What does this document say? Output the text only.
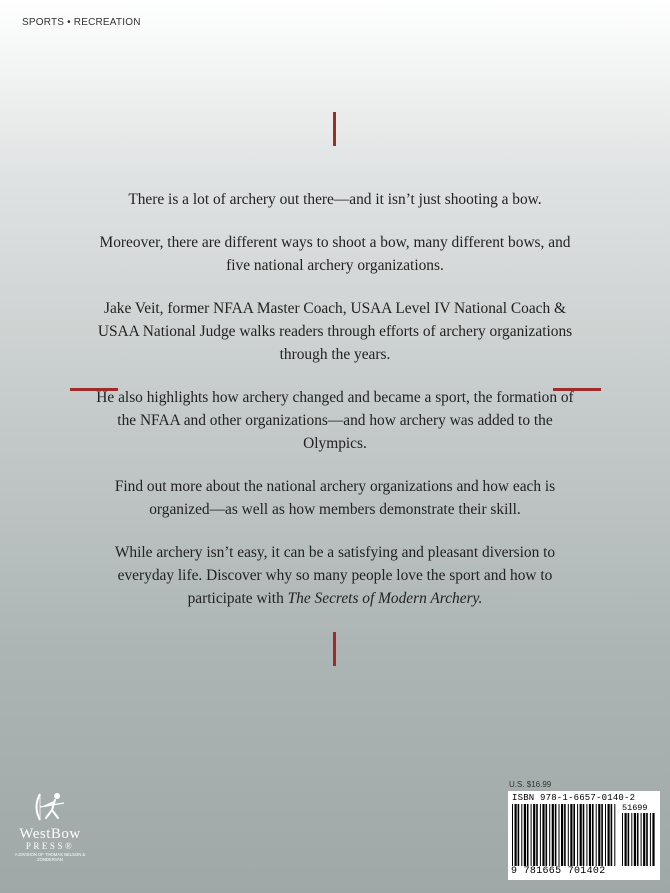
SPORTS • RECREATION

There is a lot of archery out there—and it isn’t just shooting a bow.

Moreover, there are different ways to shoot a bow, many different bows, and five national archery organizations.

Jake Veit, former NFAA Master Coach, USAA Level IV National Coach & USAA National Judge walks readers through efforts of archery organizations through the years.

He also highlights how archery changed and became a sport, the formation of the NFAA and other organizations—and how archery was added to the Olympics.

Find out more about the national archery organizations and how each is organized—as well as how members demonstrate their skill.

While archery isn’t easy, it can be a satisfying and pleasant diversion to everyday life. Discover why so many people love the sport and how to participate with The Secrets of Modern Archery.

WestBow
PRESS®
A DIVISION OF THOMAS NELSON & ZONDERVAN
U.S. $16.99
ISBN 978-1-6657-0140-2
51699
9 781665 701402
